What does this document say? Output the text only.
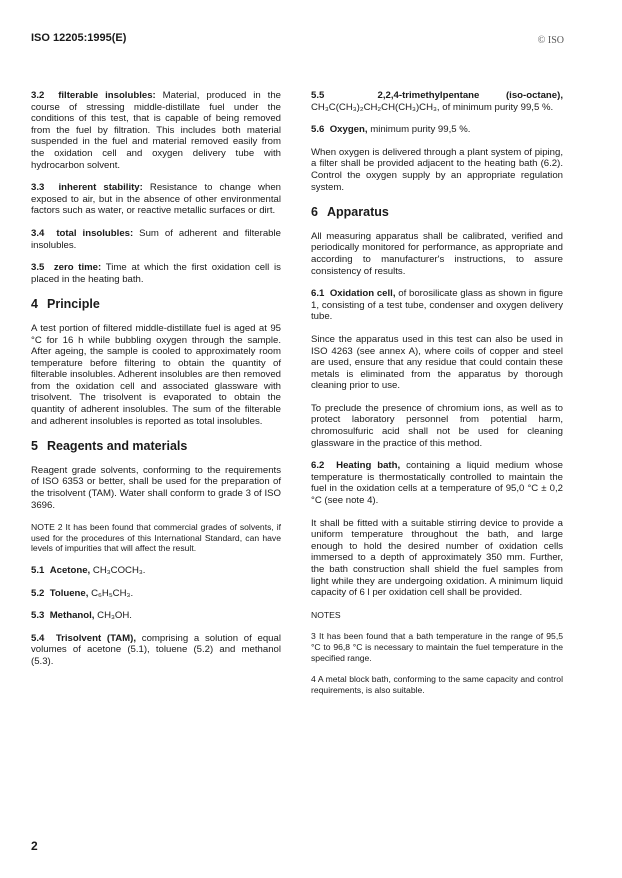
ISO 12205:1995(E)	© ISO

3.2 filterable insolubles: Material, produced in the course of stressing middle-distillate fuel under the conditions of this test, that is capable of being removed from the fuel by filtration. This includes both material suspended in the fuel and material removed easily from the oxidation cell and oxygen delivery tube with hydrocarbon solvent.

3.3 inherent stability: Resistance to change when exposed to air, but in the absence of other environmental factors such as water, or reactive metallic surfaces or dirt.

3.4 total insolubles: Sum of adherent and filterable insolubles.

3.5 zero time: Time at which the first oxidation cell is placed in the heating bath.

4 Principle

A test portion of filtered middle-distillate fuel is aged at 95 °C for 16 h while bubbling oxygen through the sample. After ageing, the sample is cooled to approximately room temperature before filtering to obtain the quantity of filterable insolubles. Adherent insolubles are then removed from the oxidation cell and associated glassware with trisolvent. The trisolvent is evaporated to obtain the quantity of adherent insolubles. The sum of the filterable and adherent insolubles is reported as total insolubles.

5 Reagents and materials

Reagent grade solvents, conforming to the requirements of ISO 6353 or better, shall be used for the preparation of the trisolvent (TAM). Water shall conform to grade 3 of ISO 3696.

NOTE 2 It has been found that commercial grades of solvents, if used for the procedures of this International Standard, can have levels of impurities that will affect the result.

5.1 Acetone, CH₃COCH₃.

5.2 Toluene, C₆H₅CH₃.

5.3 Methanol, CH₃OH.

5.4 Trisolvent (TAM), comprising a solution of equal volumes of acetone (5.1), toluene (5.2) and methanol (5.3).

5.5	2,2,4-trimethylpentane (iso-octane), CH₃C(CH₃)₂CH₂CH(CH₃)CH₃, of minimum purity 99,5 %.

5.6 Oxygen, minimum purity 99,5 %.

When oxygen is delivered through a plant system of piping, a filter shall be provided adjacent to the heating bath (6.2). Control the oxygen supply by an appropriate regulation system.

6 Apparatus

All measuring apparatus shall be calibrated, verified and periodically monitored for performance, as appropriate and according to manufacturer's instructions, to assure consistency of results.

6.1 Oxidation cell, of borosilicate glass as shown in figure 1, consisting of a test tube, condenser and oxygen delivery tube.

Since the apparatus used in this test can also be used in ISO 4263 (see annex A), where coils of copper and steel are used, ensure that any residue that could contain these metals is eliminated from the apparatus by thorough cleaning prior to use.

To preclude the presence of chromium ions, as well as to protect laboratory personnel from potential harm, chromosulfuric acid shall not be used for cleaning glassware in the practice of this method.

6.2 Heating bath, containing a liquid medium whose temperature is thermostatically controlled to maintain the fuel in the oxidation cells at a temperature of 95,0 °C ± 0,2 °C (see note 4).

It shall be fitted with a suitable stirring device to provide a uniform temperature throughout the bath, and large enough to hold the desired number of oxidation cells immersed to a depth of approximately 350 mm. Further, the bath construction shall shield the fuel samples from light while they are undergoing oxidation. A minimum liquid capacity of 6 l per oxidation cell shall be provided.

NOTES
3 It has been found that a bath temperature in the range of 95,5 °C to 96,8 °C is necessary to maintain the fuel temperature in the specified range.
4 A metal block bath, conforming to the same capacity and control requirements, is also suitable.
2
